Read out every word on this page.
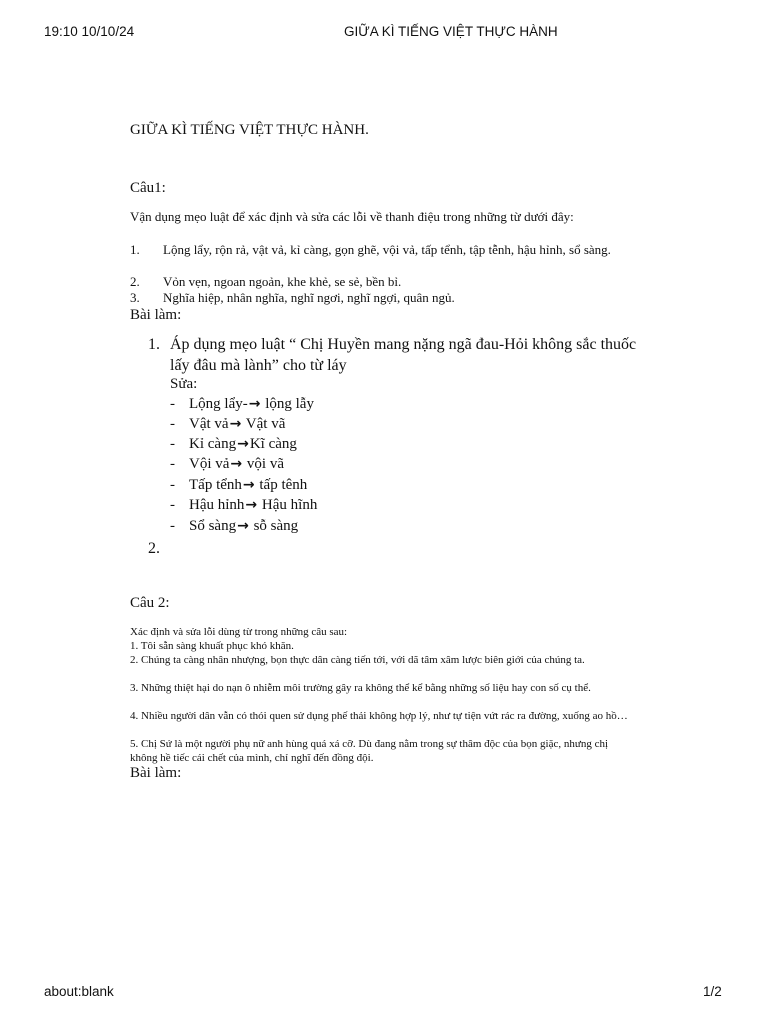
19:10 10/10/24	GIỮA KÌ TIẾNG VIỆT THỰC HÀNH
GIỮA KÌ TIẾNG VIỆT THỰC HÀNH.
Câu1:
Vận dụng mẹo luật để xác định và sửa các lỗi về thanh điệu trong những từ dưới đây:
1. Lộng lẩy, rộn rả, vật vả, kỉ càng, gọn ghẽ, vội vả, tấp tểnh, tập tễnh, hậu hỉnh, sổ sàng.
2. Vỏn vẹn, ngoan ngoản, khe khẻ, se sẻ, bền bỉ.
3. Nghĩa hiệp, nhân nghĩa, nghĩ ngơi, nghĩ ngợi, quân ngủ.
Bài làm:
1. Áp dụng mẹo luật “ Chị Huyền mang nặng ngã đau-Hỏi không sắc thuốc lấy đâu mà lành” cho từ láy
Sửa:
- Lộng lẩy-→ lộng lẫy
- Vật vả→ Vật vã
- Kỉ càng→Kĩ càng
- Vội vả→ vội vã
- Tấp tểnh→ tấp tênh
- Hậu hỉnh→ Hậu hĩnh
- Sổ sàng→ sỗ sàng
2.
Câu 2:
Xác định và sửa lỗi dùng từ trong những câu sau:
1. Tôi sẵn sàng khuất phục khó khăn.
2. Chúng ta càng nhân nhượng, bọn thực dân càng tiến tới, với dã tâm xâm lược biên giới của chúng ta.
3. Những thiệt hại do nạn ô nhiễm môi trường gây ra không thể kể bằng những số liệu hay con số cụ thể.
4. Nhiều người dân vẫn có thói quen sử dụng phế thải không hợp lý, như tự tiện vứt rác ra đường, xuống ao hồ…
5. Chị Sứ là một người phụ nữ anh hùng quá xá cỡ. Dù đang nằm trong sự thâm độc của bọn giặc, nhưng chị không hề tiếc cái chết của mình, chỉ nghĩ đến đồng đội.
Bài làm:
about:blank	1/2
